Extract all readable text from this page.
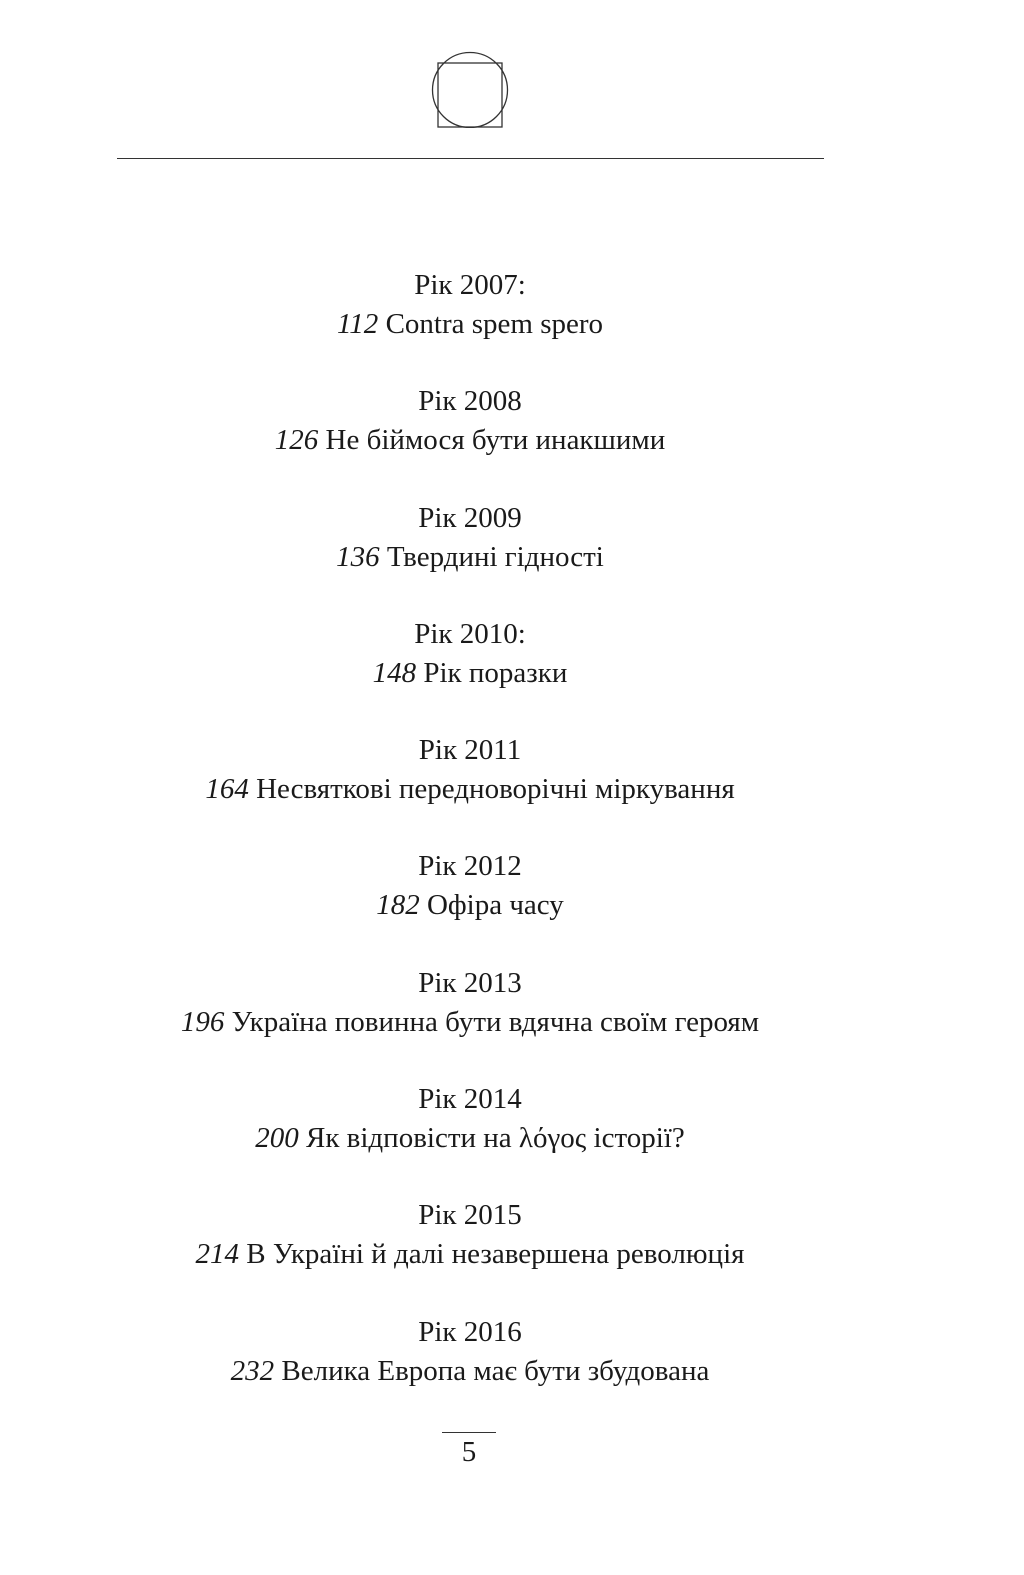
Рік 2007:
112 Contra spem spero
Рік 2008
126 Не біймося бути инакшими
Рік 2009
136 Твердині гідності
Рік 2010:
148 Рік поразки
Рік 2011
164 Несвяткові передноворічні міркування
Рік 2012
182 Офіра часу
Рік 2013
196 Україна повинна бути вдячна своїм героям
Рік 2014
200 Як відповісти на λόγος історії?
Рік 2015
214 В Україні й далі незавершена революція
Рік 2016
232 Велика Европа має бути збудована
5
